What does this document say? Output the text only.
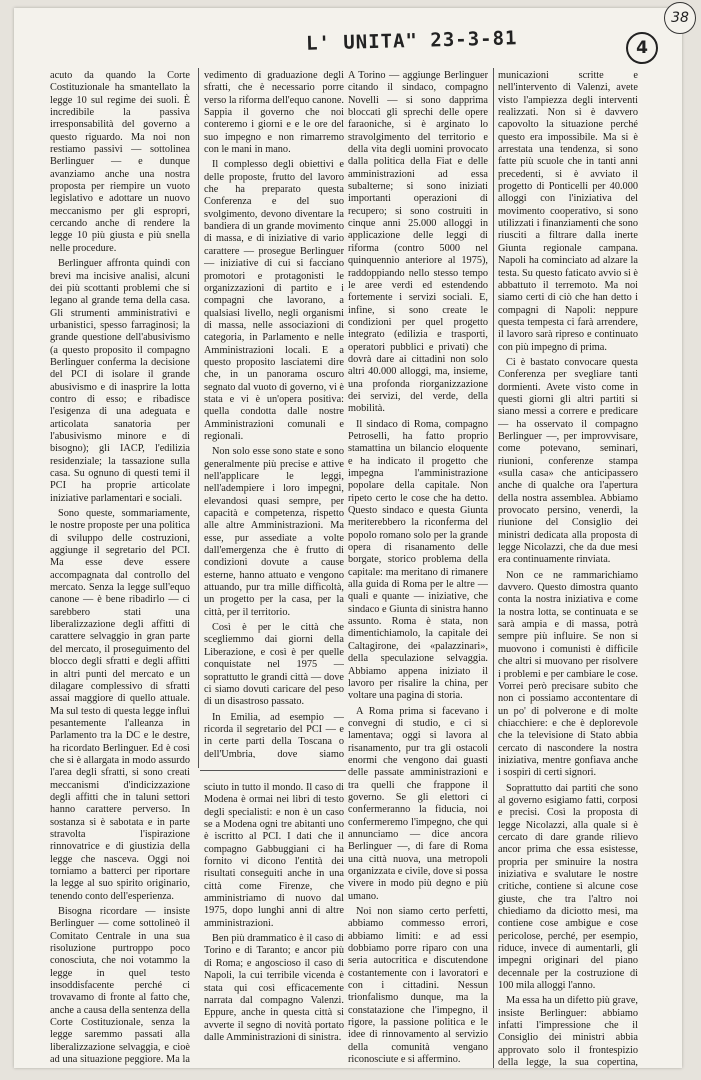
L' UNITA" 23-3-81	4

acuto da quando la Corte Costituzionale ha smantellato la legge 10 sul regime dei suoli. È incredibile la passiva irresponsabilità del governo a questo riguardo. Ma noi non restiamo passivi — sottolinea Berlinguer — e dunque avanziamo anche una nostra proposta per riempire un vuoto legislativo e adottare un nuovo meccanismo per gli espropri, cercando anche di rendere la legge 10 più giusta e più snella nelle procedure.

Berlinguer affronta quindi con brevi ma incisive analisi, alcuni dei più scottanti problemi che si legano al grande tema della casa. Gli strumenti amministrativi e urbanistici, spesso farraginosi; la grande questione dell'abusivismo (a questo proposito il compagno Berlinguer conferma la decisione del PCI di isolare il grande abusivismo e di inasprire la lotta contro di esso; e ribadisce l'esigenza di una adeguata e articolata sanatoria per l'abusivismo minore e di bisogno); gli IACP, l'edilizia residenziale; la tassazione sulla casa. Su ognuno di questi temi il PCI ha proprie articolate iniziative parlamentari e sociali.

Sono queste, sommariamente, le nostre proposte per una politica di sviluppo delle costruzioni, aggiunge il segretario del PCI. Ma esse deve essere accompagnata dal controllo del mercato. Senza la legge sull'equo canone — è bene ribadirlo — ci sarebbero stati una liberalizzazione degli affitti di carattere selvaggio in gran parte del mercato, il proseguimento del blocco degli sfratti e degli affitti in altri punti del mercato e un dilagare complessivo di sfratti assai maggiore di quello attuale. Ma sul testo di questa legge influì pesantemente l'alleanza in Parlamento tra la DC e le destre, ha ricordato Berlinguer. Ed è così che si è allargata in modo assurdo l'area degli sfratti, si sono creati meccanismi d'indicizzazione degli affitti che in taluni settori hanno carattere perverso. In sostanza si è sabotata e in parte stravolta l'ispirazione rinnovatrice e di giustizia della legge che nasceva. Oggi noi torniamo a batterci per riportare la legge al suo spirito originario, tenendo conto dell'esperienza.

Bisogna ricordare — insiste Berlinguer — come sottolineò il Comitato Centrale in una sua risoluzione purtroppo poco conosciuta, che noi votammo la legge in quel testo insoddisfacente perché ci trovavamo di fronte al fatto che, anche a causa della sentenza della Corte Costituzionale, senza la legge saremmo passati alla liberalizzazione selvaggia, e cioè ad una situazione peggiore. Ma la

vedimento di graduazione degli sfratti, che è necessario porre verso la riforma dell'equo canone. Sappia il governo che noi conteremo i giorni e e le ore del suo impegno e non rimarremo con le mani in mano.

Il complesso degli obiettivi e delle proposte, frutto del lavoro che ha preparato questa Conferenza e del suo svolgimento, devono diventare la bandiera di un grande movimento di massa, e di iniziative di vario carattere — prosegue Berlinguer — iniziative di cui si facciano promotori e protagonisti le organizzazioni di partito e i compagni che lavorano, a qualsiasi livello, negli organismi di massa, nelle associazioni di categoria, in Parlamento e nelle Amministrazioni locali. E a questo proposito lasciatemi dire che, in un panorama oscuro segnato dal vuoto di governo, vi è stata e vi è un'opera positiva: quella condotta dalle nostre Amministrazioni comunali e regionali.

Non solo esse sono state e sono generalmente più precise e attive nell'applicare le leggi, nell'adempiere i loro impegni, elevandosi quasi sempre, per capacità e competenza, rispetto alle altre Amministrazioni. Ma esse, pur assediate a volte dall'emergenza che è frutto di condizioni dovute a cause esterne, hanno attuato e vengono attuando, pur tra mille difficoltà, un progetto per la casa, per la città, per il territorio.

Così è per le città che scegliemmo dai giorni della Liberazione, e così è per quelle conquistate nel 1975 — soprattutto le grandi città — dove ci siamo dovuti caricare del peso di un disastroso passato.

In Emilia, ad esempio — ricorda il segretario del PCI — e in certe parti della Toscana o dell'Umbria, dove siamo

A Torino — aggiunge Berlinguer citando il sindaco, compagno Novelli — si sono dapprima bloccati gli sprechi delle opere faraoniche, si è arginato lo stravolgimento del territorio e della vita degli uomini provocato dalla politica della Fiat e delle amministrazioni ad essa subalterne; si sono iniziati importanti operazioni di recupero; si sono costruiti in cinque anni 25.000 alloggi in applicazione delle leggi di riforma (contro 5000 nel quinquennio anteriore al 1975), raddoppiando nello stesso tempo le aree verdi ed estendendo fortemente i servizi sociali. E, infine, si sono create le condizioni per quel progetto integrato (edilizia e trasporti, operatori pubblici e privati) che dovrà dare ai cittadini non solo altri 40.000 alloggi, ma, insieme, una profonda riorganizzazione dei servizi, del verde, della mobilità.

Il sindaco di Roma, compagno Petroselli, ha fatto proprio stamattina un bilancio eloquente e ha indicato il progetto che impegna l'amministrazione popolare della capitale. Non ripeto certo le cose che ha detto. Questo sindaco e questa Giunta meriterebbero la riconferma del popolo romano solo per la grande opera di risanamento delle borgate, storico problema della capitale: ma meritano di rimanere alla guida di Roma per le altre — quali e quante — iniziative, che sindaco e Giunta di sinistra hanno assunto. Roma è stata, non dimentichiamolo, la capitale dei Caltagirone, dei «palazzinari», della speculazione selvaggia. Abbiamo appena iniziato il lavoro per risalire la china, per voltare una pagina di storia.

A Roma prima si facevano i convegni di studio, e ci si lamentava; oggi si lavora al risanamento, pur tra gli ostacoli enormi che vengono dai guasti delle passate amministrazioni e tra quelli che frappone il governo. Se gli elettori ci confermeranno la fiducia, noi confermeremo l'impegno, che qui annunciamo — dice ancora Berlinguer —, di fare di Roma una città nuova, una metropoli organizzata e civile, dove si possa vivere in modo più degno e più umano.

Noi non siamo certo perfetti, abbiamo commesso errori, abbiamo limiti: e ad essi dobbiamo porre riparo con una seria autocritica e discutendone costantemente con i lavoratori e con i cittadini. Nessun trionfalismo dunque, ma la constatazione che l'impegno, il rigore, la passione politica e le idee di rinnovamento al servizio della comunità vengano riconosciute e si affermino.

municazioni scritte e nell'intervento di Valenzi, avete visto l'ampiezza degli interventi realizzati. Non si è davvero capovolto la situazione perché questo era impossibile. Ma si è arrestata una tendenza, si sono fatte più scuole che in tanti anni precedenti, si è avviato il progetto di Ponticelli per 40.000 alloggi con l'iniziativa del movimento cooperativo, si sono utilizzati i finanziamenti che sono riusciti a filtrare dalla inerte Giunta regionale campana. Napoli ha cominciato ad alzare la testa. Su questo faticato avvio si è abbattuto il terremoto. Ma noi siamo certi di ciò che han detto i compagni di Napoli: neppure questa tempesta ci farà arrendere, il lavoro sarà ripreso e continuato con più impegno di prima.

Ci è bastato convocare questa Conferenza per svegliare tanti dormienti. Avete visto come in questi giorni gli altri partiti si siano messi a correre e predicare — ha osservato il compagno Berlinguer —, per improvvisare, come potevano, seminari, riunioni, conferenze stampa «sulla casa» che anticipassero anche di qualche ora l'apertura della nostra assemblea. Abbiamo provocato persino, venerdì, la riunione del Consiglio dei ministri dedicata alla proposta di legge Nicolazzi, che da due mesi era continuamente rinviata.

Non ce ne rammarichiamo davvero. Questo dimostra quanto conta la nostra iniziativa e come la nostra lotta, se continuata e se sarà ampia e di massa, potrà sempre più influire. Se non si muovono i comunisti è difficile che altri si muovano per risolvere i problemi e per cambiare le cose. Vorrei però precisare subito che non ci possiamo accontentare di un po' di polverone e di molte chiacchiere: e che è deplorevole che la televisione di Stato abbia cercato di nascondere la nostra iniziativa, mentre gonfiava anche i sospiri di certi signori.

Soprattutto dai partiti che sono al governo esigiamo fatti, corposi e precisi. Così la proposta di legge Nicolazzi, alla quale si è cercato di dare grande rilievo ancor prima che essa esistesse, propria per sminuire la nostra iniziativa e svalutare le nostre critiche, contiene sì alcune cose giuste, che tra l'altro noi chiediamo da diciotto mesi, ma contiene cose ambigue e cose pericolose, perché, per esempio, riduce, invece di aumentarli, gli impegni originari del piano decennale per la costruzione di 100 mila alloggi l'anno.

Ma essa ha un difetto più grave, insiste Berlinguer: abbiamo infatti l'impressione che il Consiglio dei ministri abbia approvato solo il frontespizio della legge, la sua copertina,

sciuto in tutto il mondo. Il caso di Modena è ormai nei libri di testo degli specialisti: e non è un caso se a Modena ogni tre abitanti uno è iscritto al PCI. I dati che il compagno Gabbuggiani ci ha fornito vi dicono l'entità dei risultati conseguiti anche in una città come Firenze, che amministriamo di nuovo dal 1975, dopo lunghi anni di altre amministrazioni.

Ben più drammatico è il caso di Torino e di Taranto; e ancor più di Roma; e angoscioso il caso di Napoli, la cui terribile vicenda è stata qui così efficacemente narrata dal compagno Valenzi. Eppure, anche in questa città si avverte il segno di novità portato dalle Amministrazioni di sinistra.

38
